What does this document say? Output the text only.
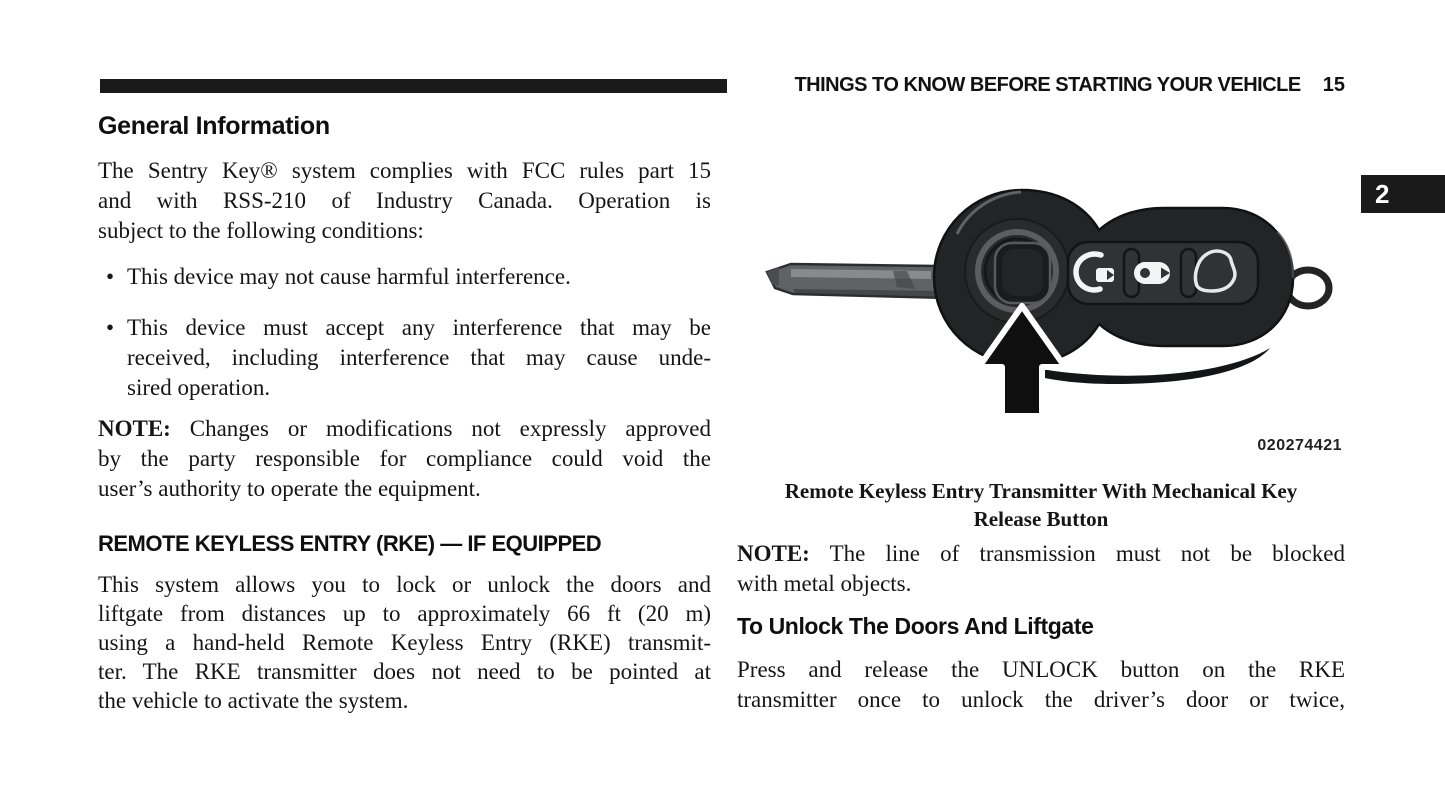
THINGS TO KNOW BEFORE STARTING YOUR VEHICLE 15
2
General Information
The Sentry Key® system complies with FCC rules part 15
and with RSS-210 of Industry Canada. Operation is
subject to the following conditions:
• This device may not cause harmful interference.
• This device must accept any interference that may be
received, including interference that may cause unde-
sired operation.
NOTE: Changes or modifications not expressly approved
by the party responsible for compliance could void the
user’s authority to operate the equipment.
REMOTE KEYLESS ENTRY (RKE) — IF EQUIPPED
This system allows you to lock or unlock the doors and
liftgate from distances up to approximately 66 ft (20 m)
using a hand-held Remote Keyless Entry (RKE) transmit-
ter. The RKE transmitter does not need to be pointed at
the vehicle to activate the system.
020274421
Remote Keyless Entry Transmitter With Mechanical Key
Release Button
NOTE: The line of transmission must not be blocked
with metal objects.
To Unlock The Doors And Liftgate
Press and release the UNLOCK button on the RKE
transmitter once to unlock the driver’s door or twice,
